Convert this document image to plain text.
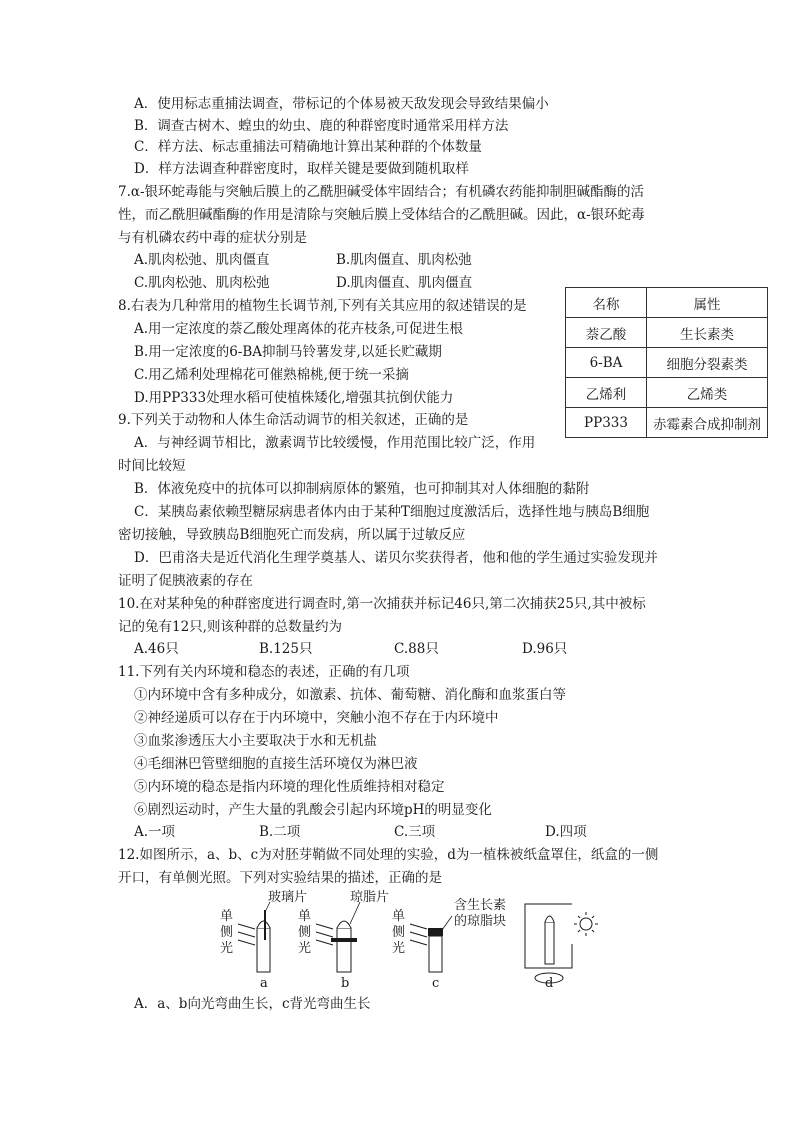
A．使用标志重捕法调查，带标记的个体易被天敌发现会导致结果偏小
B．调查古树木、蝗虫的幼虫、鹿的种群密度时通常采用样方法
C．样方法、标志重捕法可精确地计算出某种群的个体数量
D．样方法调查种群密度时，取样关键是要做到随机取样
7.α-银环蛇毒能与突触后膜上的乙酰胆碱受体牢固结合；有机磷农药能抑制胆碱酯酶的活
性，而乙酰胆碱酯酶的作用是清除与突触后膜上受体结合的乙酰胆碱。因此，α-银环蛇毒
与有机磷农药中毒的症状分别是
A.肌肉松弛、肌肉僵直	B.肌肉僵直、肌肉松弛
C.肌肉松弛、肌肉松弛	D.肌肉僵直、肌肉僵直
8.右表为几种常用的植物生长调节剂,下列有关其应用的叙述错误的是
A.用一定浓度的萘乙酸处理离体的花卉枝条,可促进生根
B.用一定浓度的6-BA抑制马铃薯发芽,以延长贮藏期
C.用乙烯利处理棉花可催熟棉桃,便于统一采摘
D.用PP333处理水稻可使植株矮化,增强其抗倒伏能力
名称	属性
萘乙酸	生长素类
6-BA	细胞分裂素类
乙烯利	乙烯类
PP333	赤霉素合成抑制剂
9.下列关于动物和人体生命活动调节的相关叙述，正确的是
A．与神经调节相比，激素调节比较缓慢，作用范围比较广泛，作用
时间比较短
B．体液免疫中的抗体可以抑制病原体的繁殖，也可抑制其对人体细胞的黏附
C．某胰岛素依赖型糖尿病患者体内由于某种T细胞过度激活后，选择性地与胰岛B细胞
密切接触，导致胰岛B细胞死亡而发病，所以属于过敏反应
D．巴甫洛夫是近代消化生理学奠基人、诺贝尔奖获得者，他和他的学生通过实验发现并
证明了促胰液素的存在
10.在对某种兔的种群密度进行调查时,第一次捕获并标记46只,第二次捕获25只,其中被标
记的兔有12只,则该种群的总数量约为
A.46只	B.125只	C.88只	D.96只
11.下列有关内环境和稳态的表述，正确的有几项
①内环境中含有多种成分，如激素、抗体、葡萄糖、消化酶和血浆蛋白等
②神经递质可以存在于内环境中，突触小泡不存在于内环境中
③血浆渗透压大小主要取决于水和无机盐
④毛细淋巴管壁细胞的直接生活环境仅为淋巴液
⑤内环境的稳态是指内环境的理化性质维持相对稳定
⑥剧烈运动时，产生大量的乳酸会引起内环境pH的明显变化
A.一项	B.二项	C.三项	D.四项
12.如图所示，a、b、c为对胚芽鞘做不同处理的实验，d为一植株被纸盒罩住，纸盒的一侧
开口，有单侧光照。下列对实验结果的描述，正确的是
单
侧
光
玻璃片
a
单
侧
光
琼脂片
b
单
侧
光
含生长素
的琼脂块
c	d
A．a、b向光弯曲生长，c背光弯曲生长
